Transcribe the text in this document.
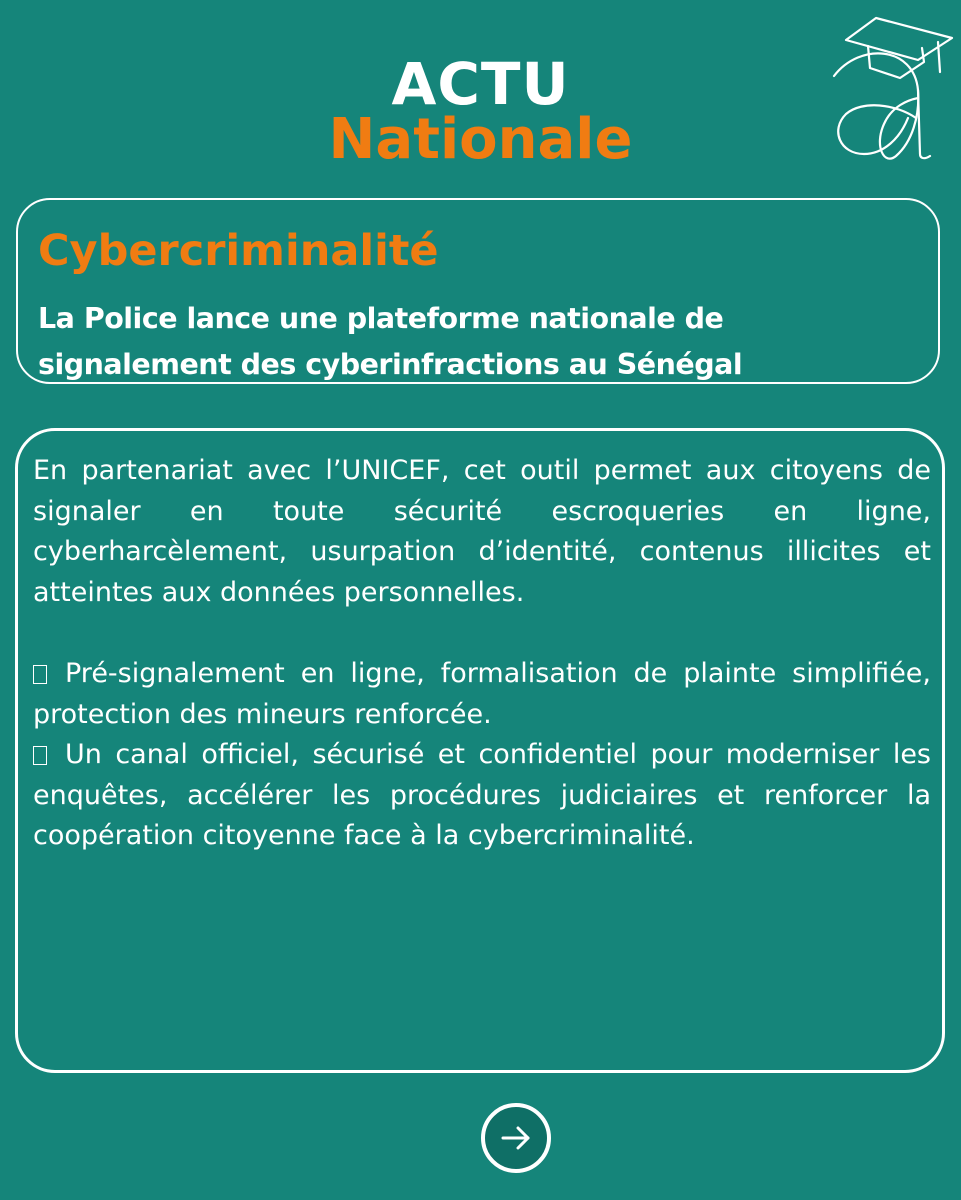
ACTU
Nationale
Cybercriminalité
La Police lance une plateforme nationale de
signalement des cyberinfractions au Sénégal

En partenariat avec l’UNICEF, cet outil permet aux citoyens de signaler en toute sécurité escroqueries en ligne, cyberharcèlement, usurpation d’identité, contenus illicites et atteintes aux données personnelles.

Pré-signalement en ligne, formalisation de plainte simplifiée, protection des mineurs renforcée.

Un canal officiel, sécurisé et confidentiel pour moderniser les enquêtes, accélérer les procédures judiciaires et renforcer la coopération citoyenne face à la cybercriminalité.
